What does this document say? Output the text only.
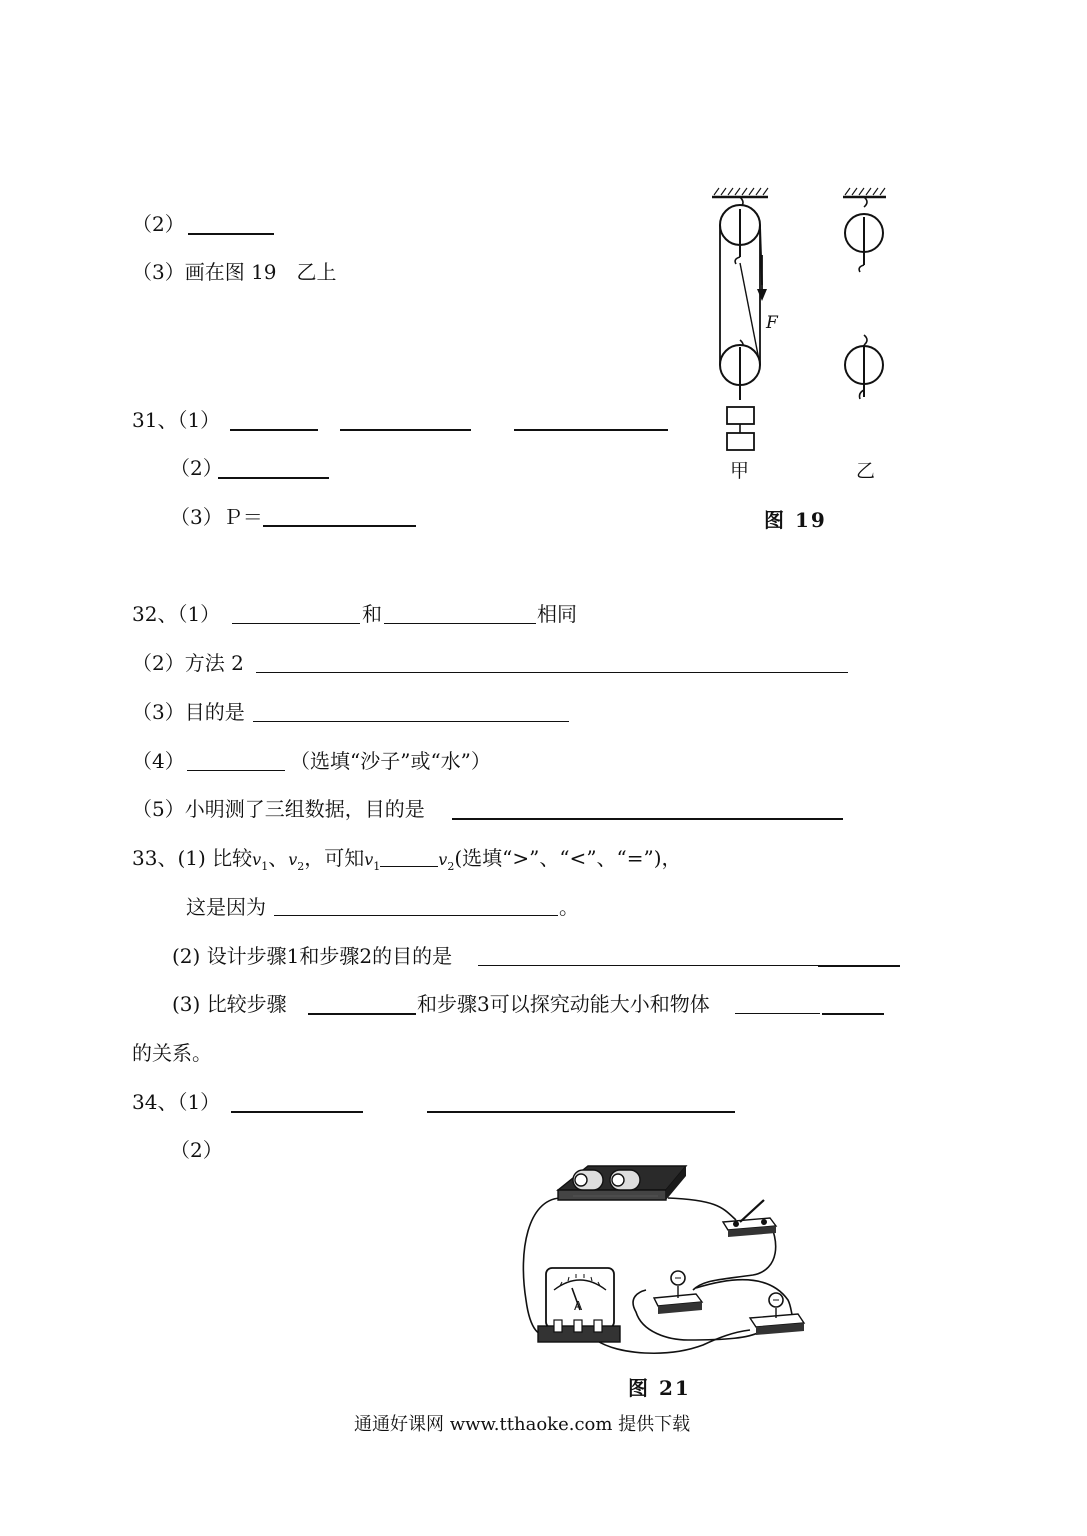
（2）
（3）画在图 19　乙上
F
甲	乙
图 19
31、（1）
（2）
（3）Ｐ＝
32、（1）	和	相同
（2）方法 2
（3）目的是
（4）	（选填“沙子”或“水”）
（5）小明测了三组数据，目的是
33、(1) 比较$v_1$、$v_2$，可知$v_1$	$v_2$(选填“>”、“<”、“=”)，
这是因为	。
(2) 设计步骤1和步骤2的目的是
(3) 比较步骤	和步骤3可以探究动能大小和物体
的关系。
34、（1）
（2）
A
图 21
通通好课网 www.tthaoke.com 提供下载
